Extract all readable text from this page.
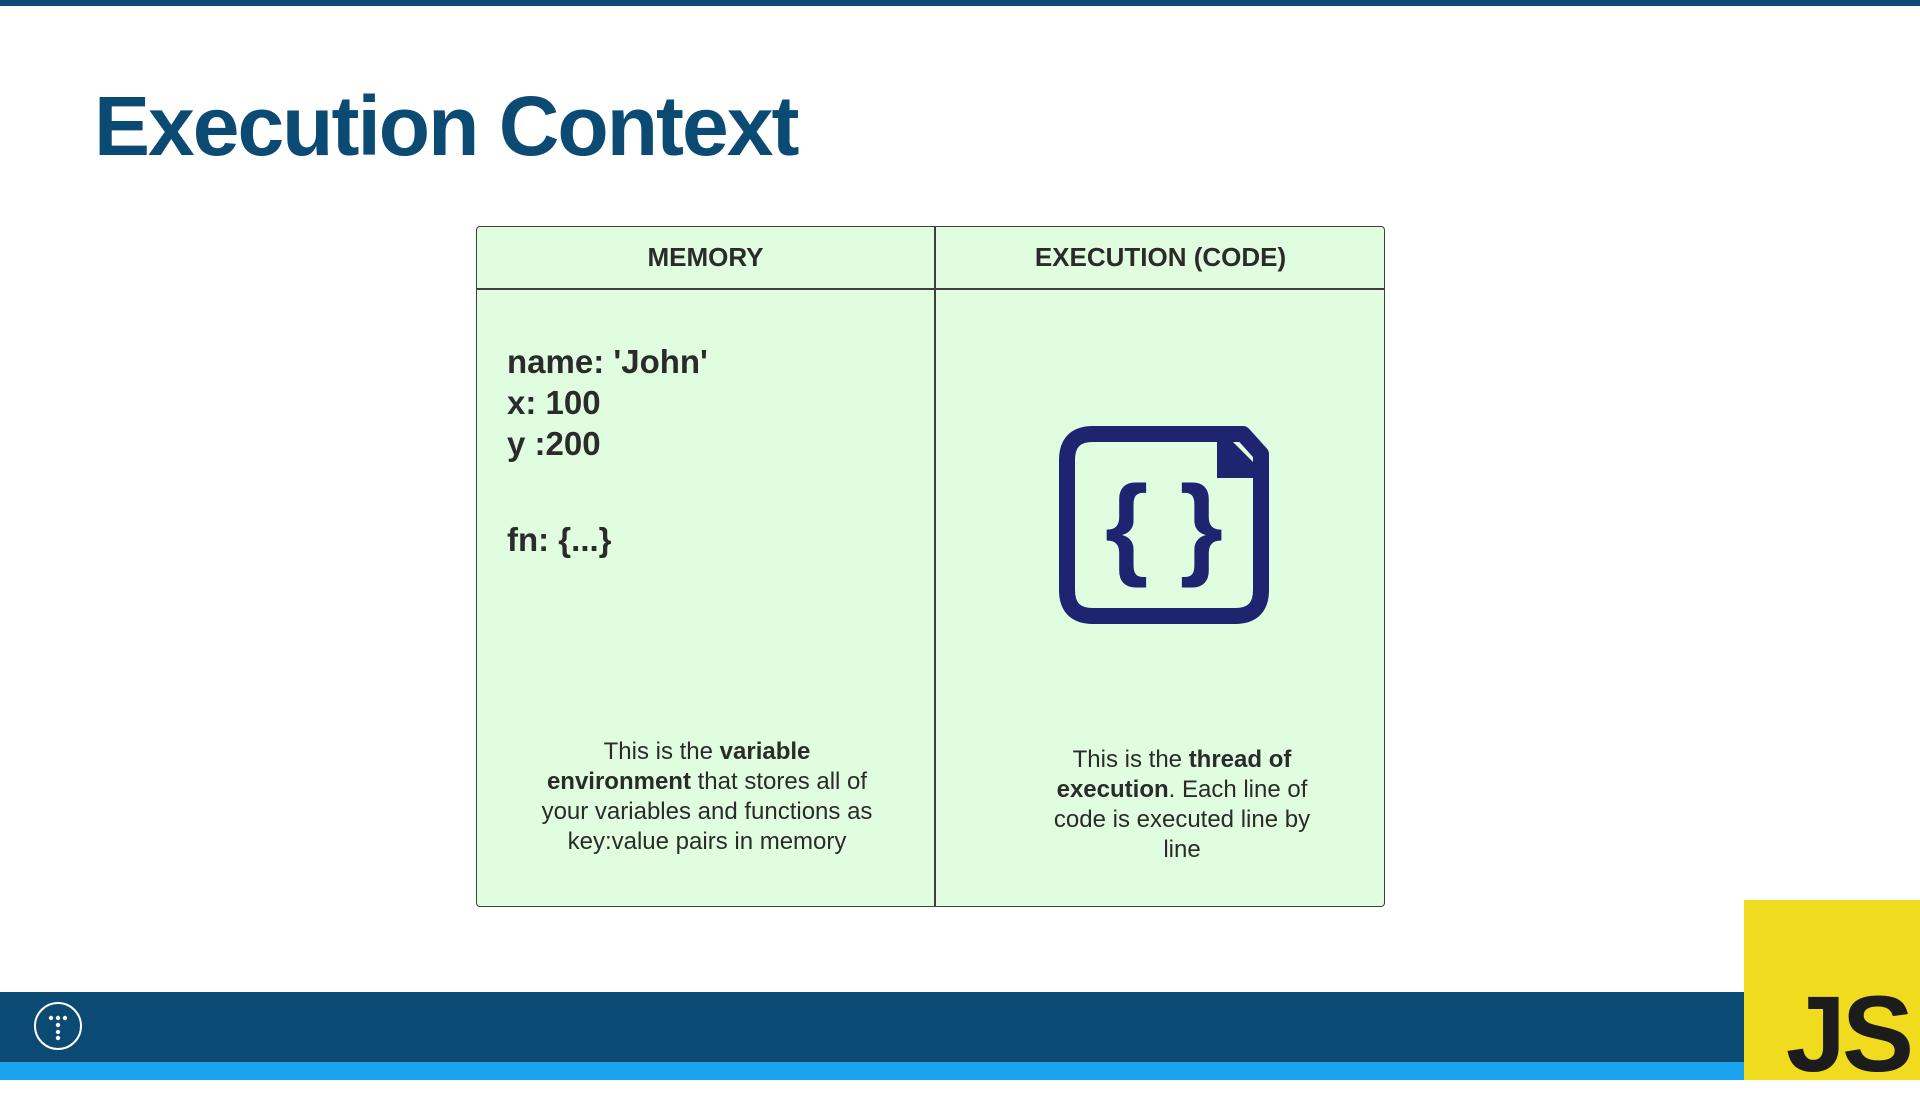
Execution Context
MEMORY	EXECUTION (CODE)
name: 'John'
x: 100
y :200
fn: {...}
This is the variable environment that stores all of your variables and functions as key:value pairs in memory
{ }
This is the thread of execution. Each line of code is executed line by line
JS
